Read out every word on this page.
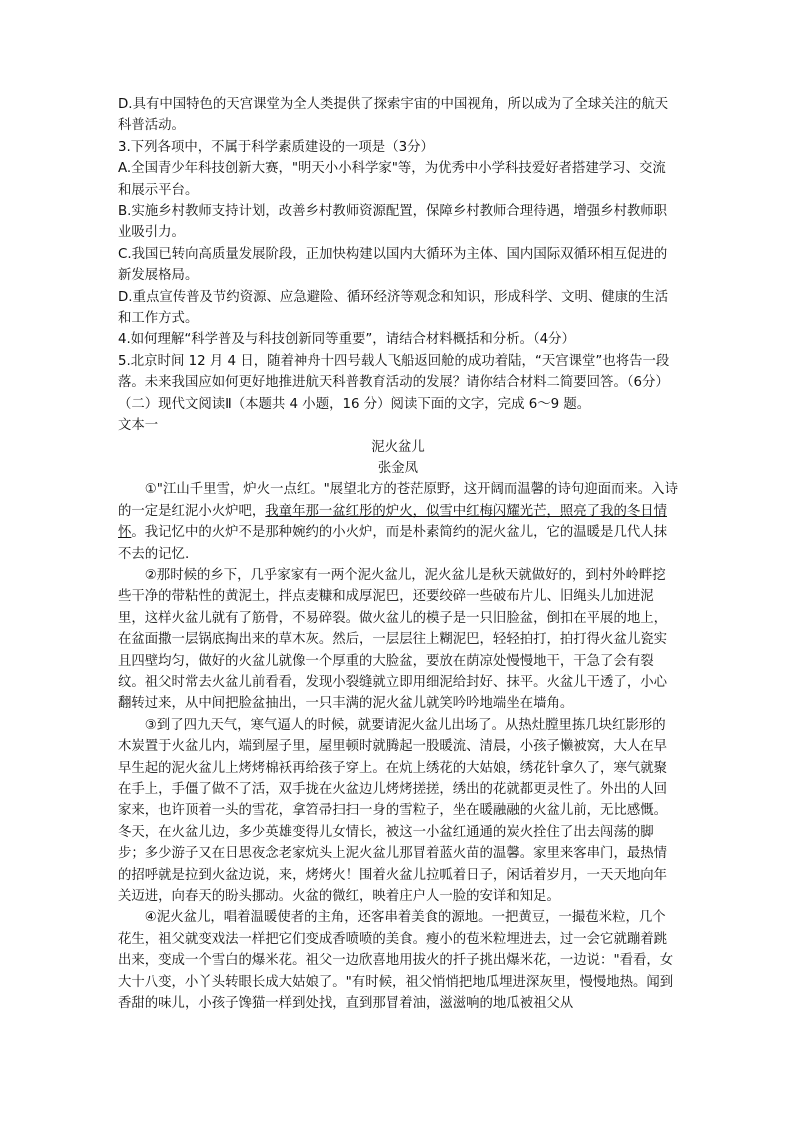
D.具有中国特色的天宫课堂为全人类提供了探索宇宙的中国视角，所以成为了全球关注的航天科普活动。

3.下列各项中，不属于科学素质建设的一项是（3分）

A.全国青少年科技创新大赛，"明天小小科学家"等，为优秀中小学科技爱好者搭建学习、交流和展示平台。

B.实施乡村教师支持计划，改善乡村教师资源配置，保障乡村教师合理待遇，增强乡村教师职业吸引力。

C.我国已转向高质量发展阶段，正加快构建以国内大循环为主体、国内国际双循环相互促进的新发展格局。

D.重点宣传普及节约资源、应急避险、循环经济等观念和知识，形成科学、文明、健康的生活和工作方式。

4.如何理解“科学普及与科技创新同等重要”，请结合材料概括和分析。（4分）

5.北京时间 12 月 4 日，随着神舟十四号载人飞船返回舱的成功着陆，“天宫课堂”也将告一段落。未来我国应如何更好地推进航天科普教育活动的发展？请你结合材料二简要回答。（6分）

（二）现代文阅读Ⅱ（本题共 4 小题，16 分）阅读下面的文字，完成 6～9 题。

文本一

泥火盆儿

张金凤

①"江山千里雪，炉火一点红。"展望北方的苍茫原野，这开阔而温馨的诗句迎面而来。入诗的一定是红泥小火炉吧，我童年那一盆红彤的炉火，似雪中红梅闪耀光芒，照亮了我的冬日情怀。我记忆中的火炉不是那种婉约的小火炉，而是朴素简约的泥火盆儿，它的温暖是几代人抹不去的记忆.

②那时候的乡下，几乎家家有一两个泥火盆儿，泥火盆儿是秋天就做好的，到村外岭畔挖些干净的带粘性的黄泥土，拌点麦糠和成厚泥巴，还要绞碎一些破布片儿、旧绳头儿加进泥里，这样火盆儿就有了筋骨，不易碎裂。做火盆儿的模子是一只旧脸盆，倒扣在平展的地上，在盆面撒一层锅底掏出来的草木灰。然后，一层层往上糊泥巴，轻轻拍打，拍打得火盆儿瓷实且四壁均匀，做好的火盆儿就像一个厚重的大脸盆，要放在荫凉处慢慢地干，干急了会有裂纹。祖父时常去火盆儿前看看，发现小裂缝就立即用细泥给封好、抹平。火盆儿干透了，小心翻转过来，从中间把脸盆抽出，一只丰满的泥火盆儿就笑吟吟地端坐在墙角。

③到了四九天气，寒气逼人的时候，就要请泥火盆儿出场了。从热灶膛里拣几块红影形的木炭置于火盆儿内，端到屋子里，屋里顿时就腾起一股暖流、清晨，小孩子懒被窝，大人在早早生起的泥火盆儿上烤烤棉袄再给孩子穿上。在炕上绣花的大姑娘，绣花针拿久了，寒气就聚在手上，手僵了做不了活，双手拢在火盆边儿烤烤搓搓，绣出的花就都更灵性了。外出的人回家来，也许顶着一头的雪花，拿笤帚扫扫一身的雪粒子，坐在暖融融的火盆儿前，无比感慨。冬天，在火盆儿边，多少英雄变得儿女情长，被这一小盆红通通的炭火拴住了出去闯荡的脚步；多少游子又在日思夜念老家炕头上泥火盆儿那冒着蓝火苗的温馨。家里来客串门，最热情的招呼就是拉到火盆边说，来，烤烤火！围着火盆儿拉呱着日子，闲话着岁月，一天天地向年关迈进，向春天的盼头挪动。火盆的微红，映着庄户人一脸的安详和知足。

④泥火盆儿，唱着温暖使者的主角，还客串着美食的源地。一把黄豆，一撮苞米粒，几个花生，祖父就变戏法一样把它们变成香喷喷的美食。瘦小的苞米粒埋进去，过一会它就蹦着跳出来，变成一个雪白的爆米花。祖父一边欣喜地用拔火的扦子挑出爆米花，一边说："看看，女大十八变，小丫头转眼长成大姑娘了。"有时候，祖父悄悄把地瓜埋进深灰里，慢慢地热。闻到香甜的味儿，小孩子馋猫一样到处找，直到那冒着油，滋滋响的地瓜被祖父从
